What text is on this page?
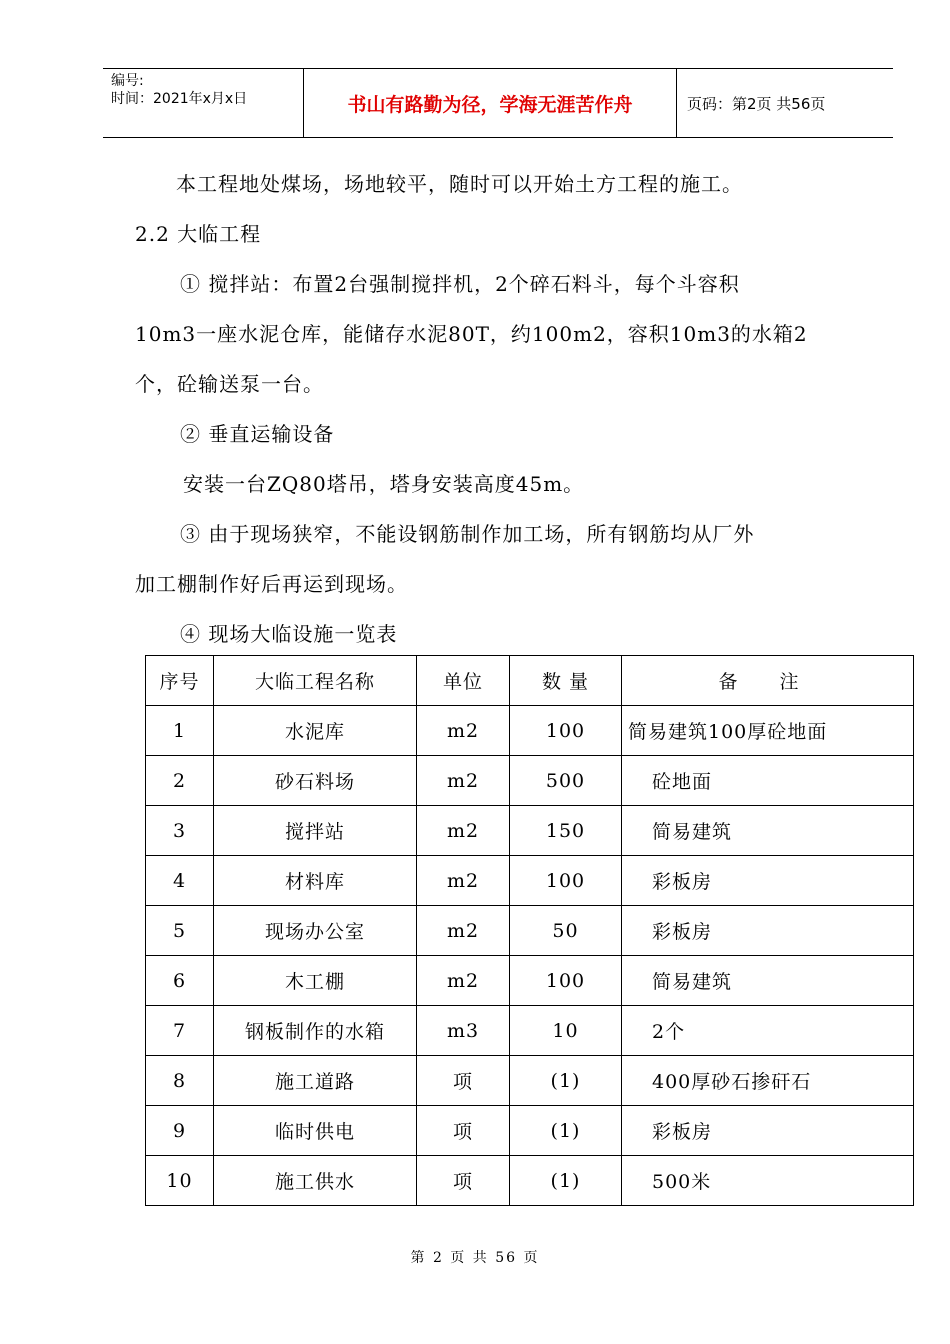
编号:
时间：2021年x月x日	书山有路勤为径，学海无涯苦作舟	页码：第2页 共56页
本工程地处煤场，场地较平，随时可以开始土方工程的施工。
2.2 大临工程
① 搅拌站：布置2台强制搅拌机，2个碎石料斗，每个斗容积
10m3一座水泥仓库，能储存水泥80T，约100m2，容积10m3的水箱2
个，砼输送泵一台。
② 垂直运输设备
安装一台ZQ80塔吊，塔身安装高度45m。
③ 由于现场狭窄，不能设钢筋制作加工场，所有钢筋均从厂外
加工棚制作好后再运到现场。
④ 现场大临设施一览表
序号	大临工程名称	单位	数 量	备 注
1	水泥库	m2	100	简易建筑100厚砼地面
2	砂石料场	m2	500	砼地面
3	搅拌站	m2	150	简易建筑
4	材料库	m2	100	彩板房
5	现场办公室	m2	50	彩板房
6	木工棚	m2	100	简易建筑
7	钢板制作的水箱	m3	10	2个
8	施工道路	项	(1)	400厚砂石掺矸石
9	临时供电	项	(1)	彩板房
10	施工供水	项	(1)	500米
第 2 页 共 56 页
